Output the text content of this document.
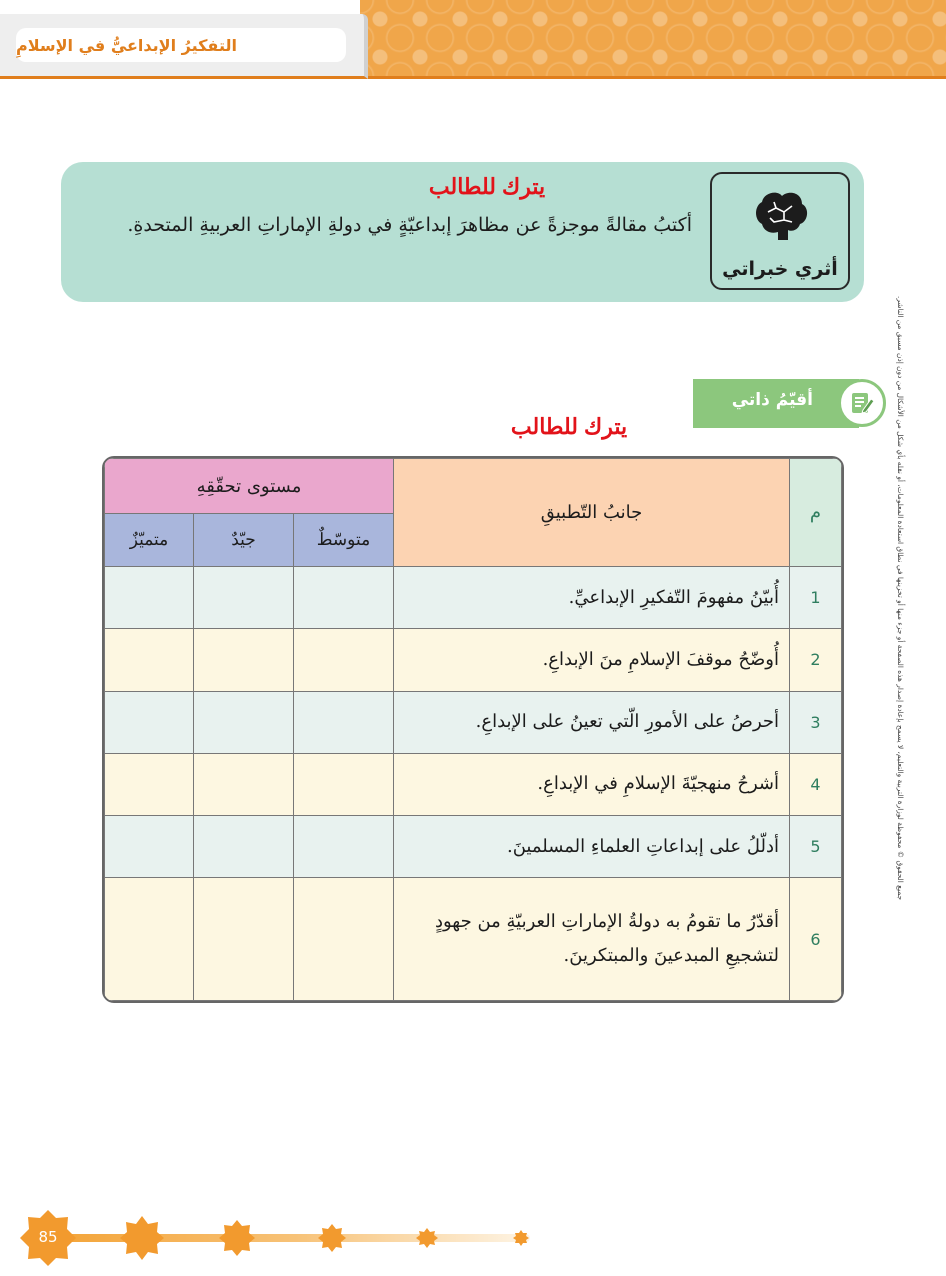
التفكيرُ الإبداعيُّ في الإسلامِ
أثري خبراتي
يترك للطالب
أكتبُ مقالةً موجزةً عن مظاهرَ إبداعيّةٍ في دولةِ الإماراتِ العربيةِ المتحدةِ.
جميع الحقوق © محفوظة لوزارة التربية والتعليم، لا يسمح بإعادة إصدار هذه الصفحة أو جزء منها أو تخزينها في نطاق استعادة المعلومات، أو نقله بأي شكل من الأشكال من دون إذن مسبق من الناشر.
أقيّمُ ذاتي
يترك للطالب
م	جانبُ التّطبيقِ	مستوى تحقّقِهِ		
		متوسّطٌ	جيّدٌ	متميّزٌ
1	أُبيّنُ مفهومَ التّفكيرِ الإبداعيِّ.			
2	أُوضّحُ موقفَ الإسلامِ منَ الإبداعِ.			
3	أحرصُ على الأمورِ الّتي تعينُ على الإبداعِ.			
4	أشرحُ منهجيّةَ الإسلامِ في الإبداعِ.			
5	أدلّلُ على إبداعاتِ العلماءِ المسلمينَ.			
6	أقدّرُ ما تقومُ به دولةُ الإماراتِ العربيّةِ من جهودٍ لتشجيعِ المبدعينَ والمبتكرينَ.			
85
